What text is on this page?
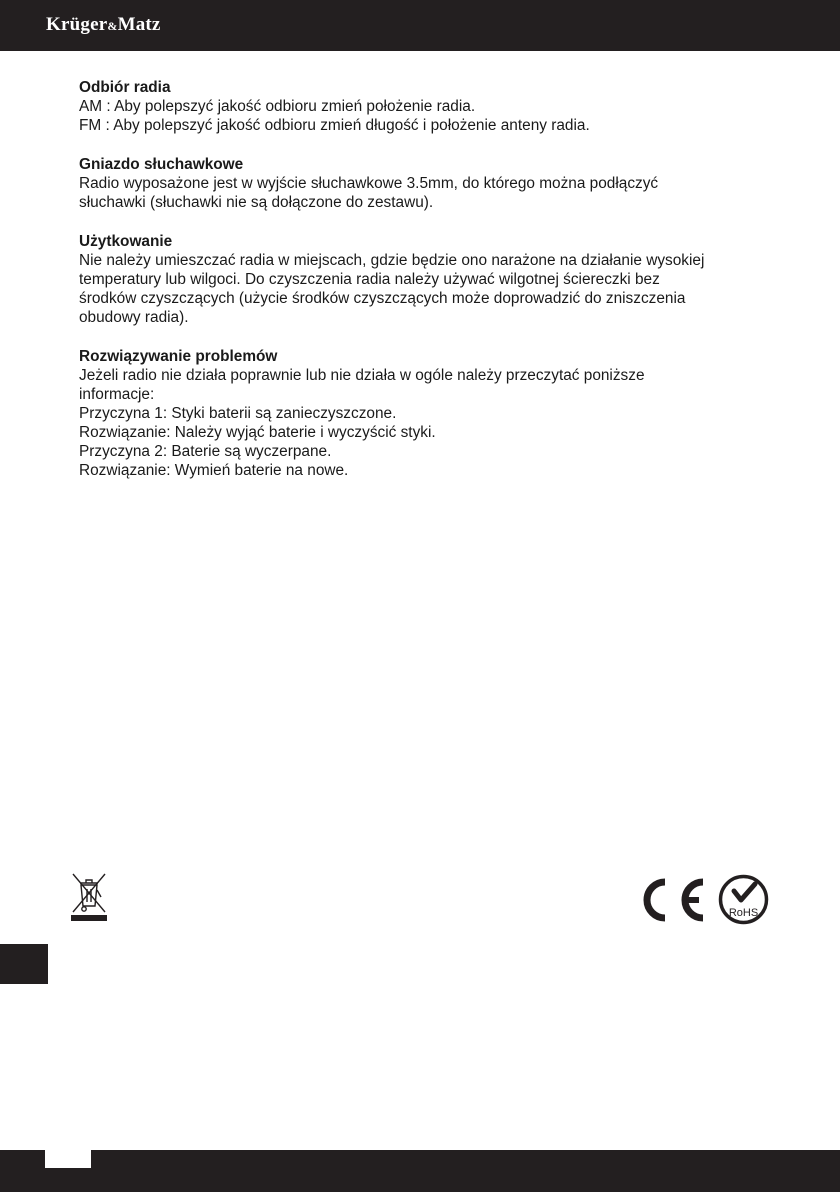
Krüger&Matz
Odbiór radia

AM : Aby polepszyć jakość odbioru zmień położenie radia.

FM : Aby polepszyć jakość odbioru zmień długość i położenie anteny radia.

Gniazdo słuchawkowe

Radio wyposażone jest w wyjście słuchawkowe 3.5mm, do którego można podłączyć

słuchawki (słuchawki nie są dołączone do zestawu).

Użytkowanie

Nie należy umieszczać radia w miejscach, gdzie będzie ono narażone na działanie wysokiej

temperatury lub wilgoci. Do czyszczenia radia należy używać wilgotnej ściereczki bez

środków czyszczących (użycie środków czyszczących może doprowadzić do zniszczenia

obudowy radia).

Rozwiązywanie problemów

Jeżeli radio nie działa poprawnie lub nie działa w ogóle należy przeczytać poniższe

informacje:

Przyczyna 1: Styki baterii są zanieczyszczone.

Rozwiązanie: Należy wyjąć baterie i wyczyścić styki.

Przyczyna 2: Baterie są wyczerpane.

Rozwiązanie: Wymień baterie na nowe.

RoHS
